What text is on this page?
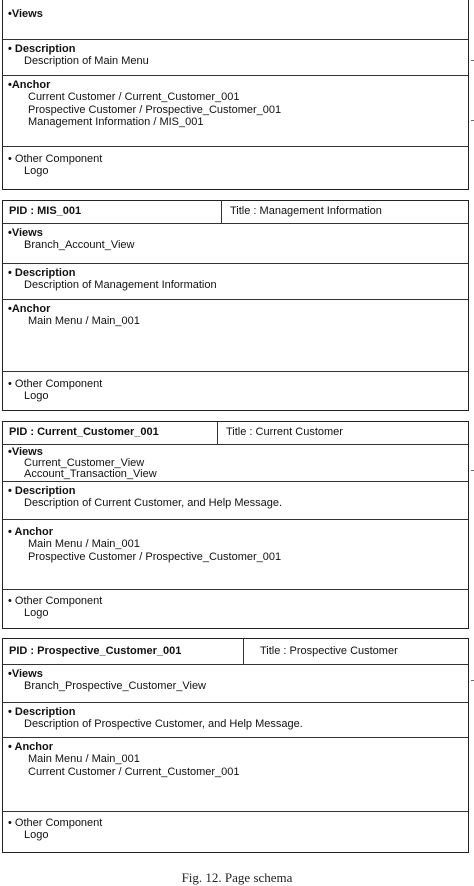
•Views
• Description
Description of Main Menu
•Anchor
Current Customer / Current_Customer_001
Prospective Customer / Prospective_Customer_001
Management Information / MIS_001
• Other Component
Logo
PID : MIS_001	Title : Management Information
•Views
Branch_Account_View
• Description
Description of Management Information
•Anchor
Main Menu / Main_001
• Other Component
Logo
PID : Current_Customer_001	Title : Current Customer
•Views
Current_Customer_View
Account_Transaction_View
• Description
Description of Current Customer, and Help Message.
• Anchor
Main Menu / Main_001
Prospective Customer / Prospective_Customer_001
• Other Component
Logo
PID : Prospective_Customer_001	Title : Prospective Customer
•Views
Branch_Prospective_Customer_View
• Description
Description of Prospective Customer, and Help Message.
• Anchor
Main Menu / Main_001
Current Customer / Current_Customer_001
• Other Component
Logo
Fig. 12. Page schema
